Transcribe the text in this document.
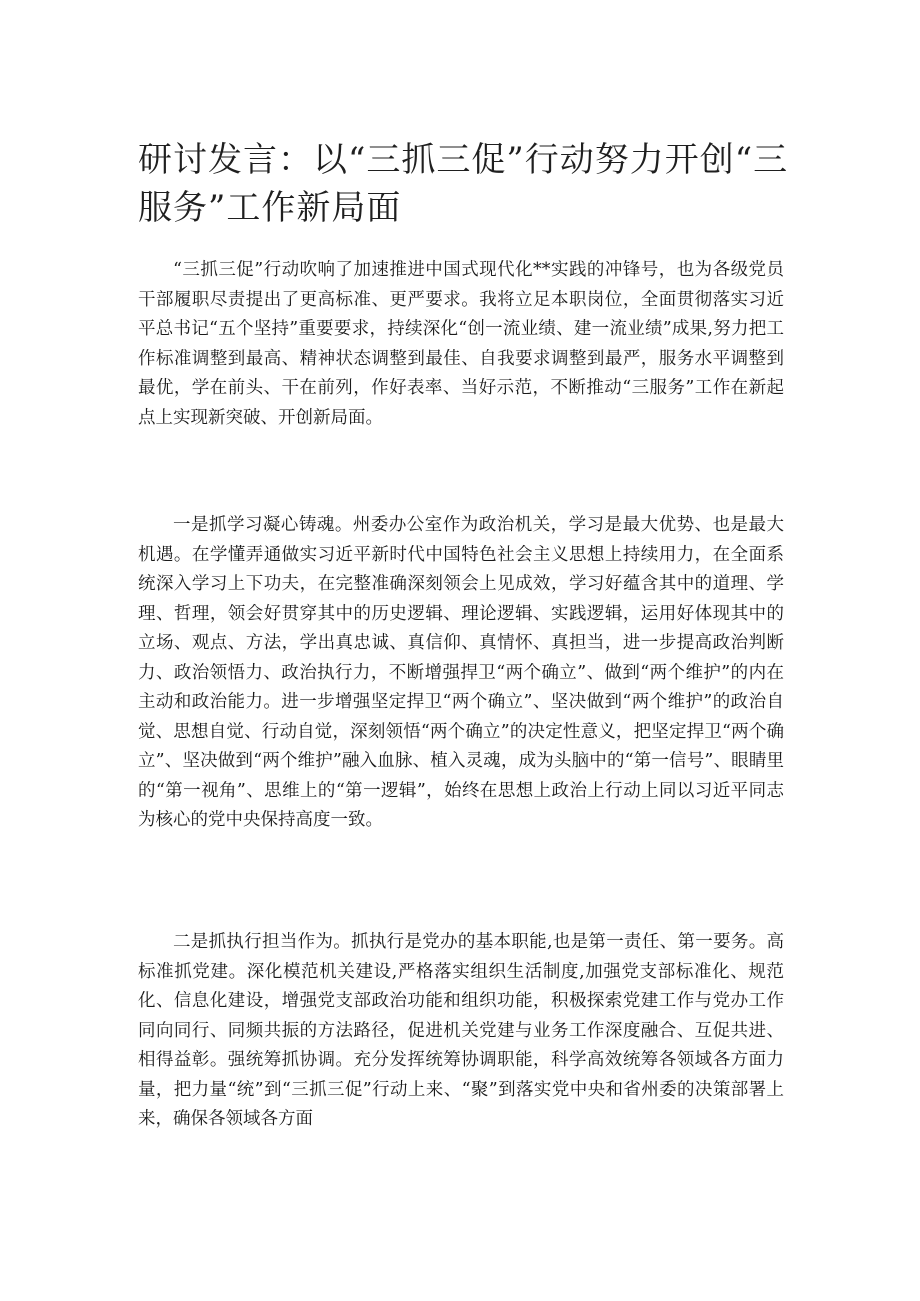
研讨发言：以“三抓三促”行动努力开创“三服务”工作新局面

“三抓三促”行动吹响了加速推进中国式现代化**实践的冲锋号，也为各级党员干部履职尽责提出了更高标准、更严要求。我将立足本职岗位，全面贯彻落实习近平总书记“五个坚持”重要要求，持续深化“创一流业绩、建一流业绩”成果,努力把工作标准调整到最高、精神状态调整到最佳、自我要求调整到最严，服务水平调整到最优，学在前头、干在前列，作好表率、当好示范，不断推动“三服务”工作在新起点上实现新突破、开创新局面。

一是抓学习凝心铸魂。州委办公室作为政治机关，学习是最大优势、也是最大机遇。在学懂弄通做实习近平新时代中国特色社会主义思想上持续用力，在全面系统深入学习上下功夫，在完整准确深刻领会上见成效，学习好蕴含其中的道理、学理、哲理，领会好贯穿其中的历史逻辑、理论逻辑、实践逻辑，运用好体现其中的立场、观点、方法，学出真忠诚、真信仰、真情怀、真担当，进一步提高政治判断力、政治领悟力、政治执行力，不断增强捍卫“两个确立”、做到“两个维护”的内在主动和政治能力。进一步增强坚定捍卫“两个确立”、坚决做到“两个维护”的政治自觉、思想自觉、行动自觉，深刻领悟“两个确立”的决定性意义，把坚定捍卫“两个确立”、坚决做到“两个维护”融入血脉、植入灵魂，成为头脑中的“第一信号”、眼睛里的“第一视角”、思维上的“第一逻辑”，始终在思想上政治上行动上同以习近平同志为核心的党中央保持高度一致。

二是抓执行担当作为。抓执行是党办的基本职能,也是第一责任、第一要务。高标准抓党建。深化模范机关建设,严格落实组织生活制度,加强党支部标准化、规范化、信息化建设，增强党支部政治功能和组织功能，积极探索党建工作与党办工作同向同行、同频共振的方法路径，促进机关党建与业务工作深度融合、互促共进、相得益彰。强统筹抓协调。充分发挥统筹协调职能，科学高效统筹各领域各方面力量，把力量“统”到“三抓三促”行动上来、“聚”到落实党中央和省州委的决策部署上来，确保各领域各方面
